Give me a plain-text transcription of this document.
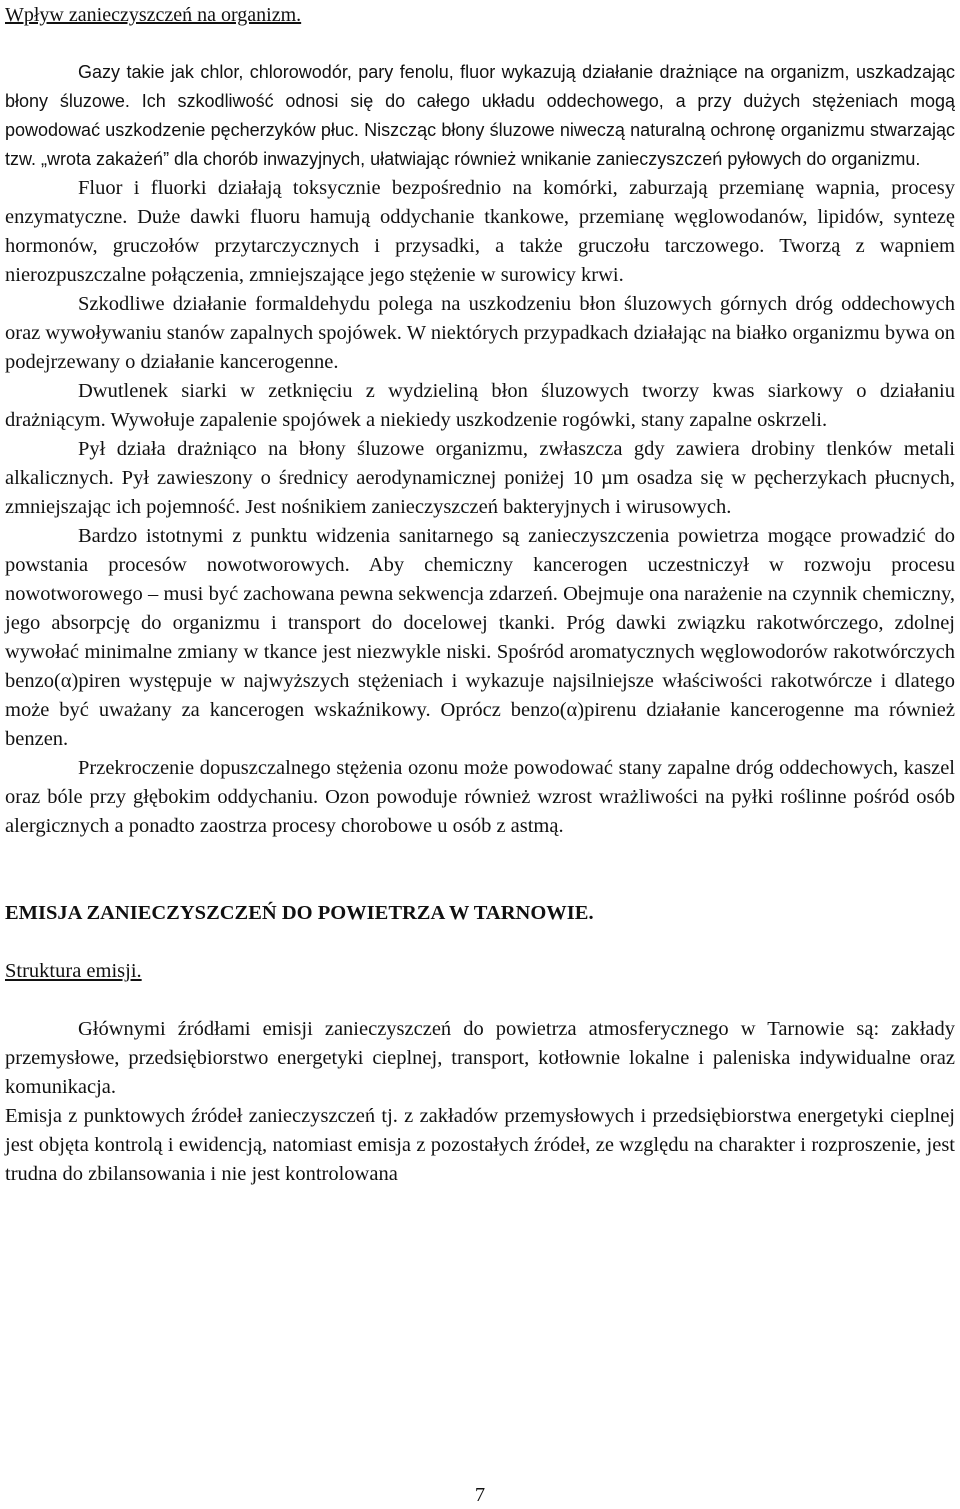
Wpływ zanieczyszczeń na organizm.

Gazy takie jak chlor, chlorowodór, pary fenolu, fluor wykazują działanie drażniące na organizm, uszkadzając błony śluzowe. Ich szkodliwość odnosi się do całego układu oddechowego, a przy dużych stężeniach mogą powodować uszkodzenie pęcherzyków płuc. Niszcząc błony śluzowe niweczą naturalną ochronę organizmu stwarzając tzw. „wrota zakażeń” dla chorób inwazyjnych, ułatwiając również wnikanie zanieczyszczeń pyłowych do organizmu.

Fluor i fluorki działają toksycznie bezpośrednio na komórki, zaburzają przemianę wapnia, procesy enzymatyczne. Duże dawki fluoru hamują oddychanie tkankowe, przemianę węglowodanów, lipidów, syntezę hormonów, gruczołów przytarczycznych i przysadki, a także gruczołu tarczowego. Tworzą z wapniem nierozpuszczalne połączenia, zmniejszające jego stężenie w surowicy krwi.

Szkodliwe działanie formaldehydu polega na uszkodzeniu błon śluzowych górnych dróg oddechowych oraz wywoływaniu stanów zapalnych spojówek. W niektórych przypadkach działając na białko organizmu bywa on podejrzewany o działanie kancerogenne.

Dwutlenek siarki w zetknięciu z wydzieliną błon śluzowych tworzy kwas siarkowy o działaniu drażniącym. Wywołuje zapalenie spojówek a niekiedy uszkodzenie rogówki, stany zapalne oskrzeli.

Pył działa drażniąco na błony śluzowe organizmu, zwłaszcza gdy zawiera drobiny tlenków metali alkalicznych. Pył zawieszony o średnicy aerodynamicznej poniżej 10 µm osadza się w pęcherzykach płucnych, zmniejszając ich pojemność. Jest nośnikiem zanieczyszczeń bakteryjnych i wirusowych.

Bardzo istotnymi z punktu widzenia sanitarnego są zanieczyszczenia powietrza mogące prowadzić do powstania procesów nowotworowych. Aby chemiczny kancerogen uczestniczył w rozwoju procesu nowotworowego – musi być zachowana pewna sekwencja zdarzeń. Obejmuje ona narażenie na czynnik chemiczny, jego absorpcję do organizmu i transport do docelowej tkanki. Próg dawki związku rakotwórczego, zdolnej wywołać minimalne zmiany w tkance jest niezwykle niski. Spośród aromatycznych węglowodorów rakotwórczych benzo(α)piren występuje w najwyższych stężeniach i wykazuje najsilniejsze właściwości rakotwórcze i dlatego może być uważany za kancerogen wskaźnikowy. Oprócz benzo(α)pirenu działanie kancerogenne ma również benzen.

Przekroczenie dopuszczalnego stężenia ozonu może powodować stany zapalne dróg oddechowych, kaszel oraz bóle przy głębokim oddychaniu. Ozon powoduje również wzrost wrażliwości na pyłki roślinne pośród osób alergicznych a ponadto zaostrza procesy chorobowe u osób z astmą.

EMISJA ZANIECZYSZCZEŃ DO POWIETRZA W TARNOWIE.

Struktura emisji.

Głównymi źródłami emisji zanieczyszczeń do powietrza atmosferycznego w Tarnowie są: zakłady przemysłowe, przedsiębiorstwo energetyki cieplnej, transport, kotłownie lokalne i paleniska indywidualne oraz komunikacja.

Emisja z punktowych źródeł zanieczyszczeń tj. z zakładów przemysłowych i przedsiębiorstwa energetyki cieplnej jest objęta kontrolą i ewidencją, natomiast emisja z pozostałych źródeł, ze względu na charakter i rozproszenie, jest trudna do zbilansowania i nie jest kontrolowana

7
